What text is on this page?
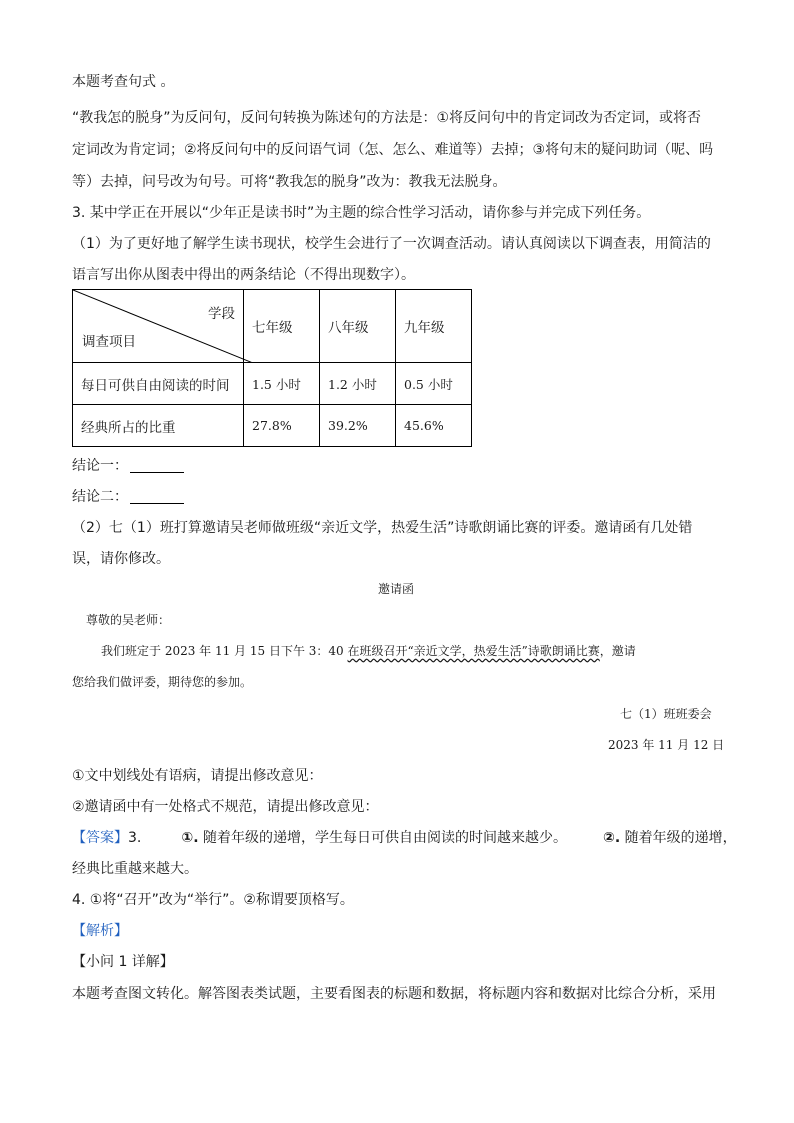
本题考查句式 。
“教我怎的脱身”为反问句，反问句转换为陈述句的方法是：①将反问句中的肯定词改为否定词，或将否
定词改为肯定词；②将反问句中的反问语气词（怎、怎么、难道等）去掉；③将句末的疑问助词（呢、吗
等）去掉，问号改为句号。可将“教我怎的脱身”改为：教我无法脱身。
3. 某中学正在开展以“少年正是读书时”为主题的综合性学习活动，请你参与并完成下列任务。
（1）为了更好地了解学生读书现状，校学生会进行了一次调查活动。请认真阅读以下调查表，用简洁的
语言写出你从图表中得出的两条结论（不得出现数字）。
学段
调查项目	七年级	八年级	九年级
每日可供自由阅读的时间	1.5 小时	1.2 小时	0.5 小时
经典所占的比重	27.8%	39.2%	45.6%
结论一：
结论二：
（2）七（1）班打算邀请吴老师做班级“亲近文学，热爱生活”诗歌朗诵比赛的评委。邀请函有几处错
误，请你修改。
邀请函
尊敬的吴老师：
我们班定于 2023 年 11 月 15 日下午 3：40 在班级召开“亲近文学，热爱生活”诗歌朗诵比赛，邀请
您给我们做评委，期待您的参加。
七（1）班班委会
2023 年 11 月 12 日
①文中划线处有语病，请提出修改意见：
②邀请函中有一处格式不规范，请提出修改意见：
【答案】3.	①. 随着年级的递增，学生每日可供自由阅读的时间越来越少。	②. 随着年级的递增，
经典比重越来越大。
4. ①将“召开”改为“举行”。②称谓要顶格写。
【解析】
【小问 1 详解】
本题考查图文转化。解答图表类试题，主要看图表的标题和数据，将标题内容和数据对比综合分析，采用
